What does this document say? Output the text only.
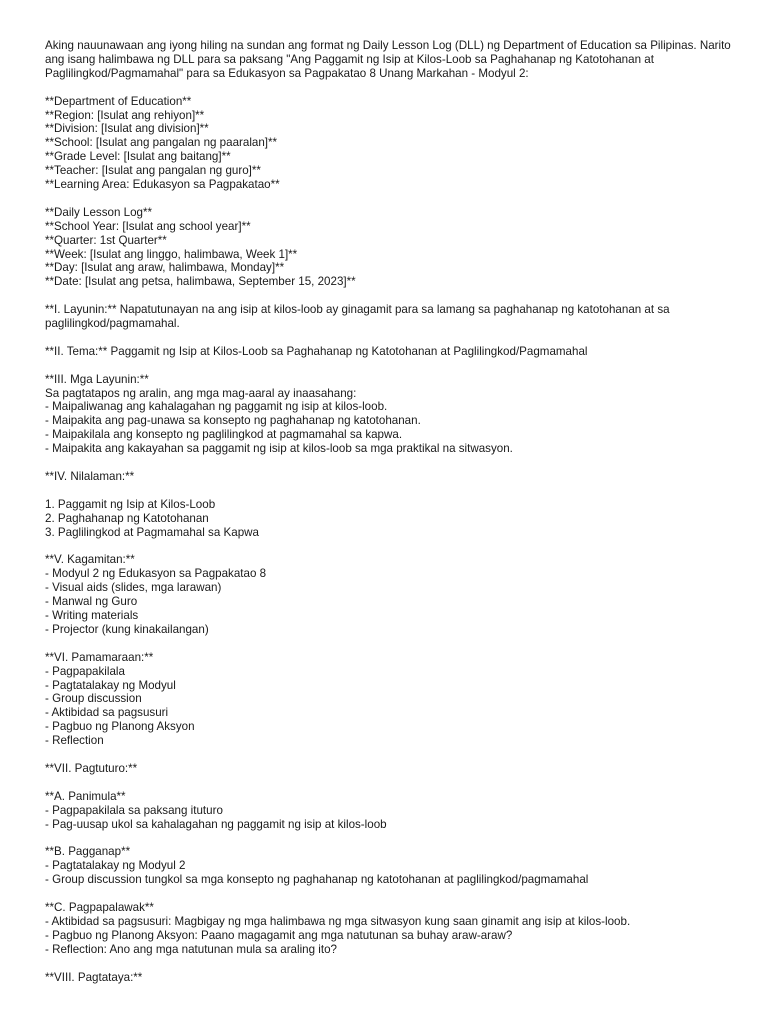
Aking nauunawaan ang iyong hiling na sundan ang format ng Daily Lesson Log (DLL) ng Department of Education sa Pilipinas. Narito
ang isang halimbawa ng DLL para sa paksang "Ang Paggamit ng Isip at Kilos-Loob sa Paghahanap ng Katotohanan at
Paglilingkod/Pagmamahal" para sa Edukasyon sa Pagpakatao 8 Unang Markahan - Modyul 2:
**Department of Education**
**Region: [Isulat ang rehiyon]**
**Division: [Isulat ang division]**
**School: [Isulat ang pangalan ng paaralan]**
**Grade Level: [Isulat ang baitang]**
**Teacher: [Isulat ang pangalan ng guro]**
**Learning Area: Edukasyon sa Pagpakatao**
**Daily Lesson Log**
**School Year: [Isulat ang school year]**
**Quarter: 1st Quarter**
**Week: [Isulat ang linggo, halimbawa, Week 1]**
**Day: [Isulat ang araw, halimbawa, Monday]**
**Date: [Isulat ang petsa, halimbawa, September 15, 2023]**
**I. Layunin:** Napatutunayan na ang isip at kilos-loob ay ginagamit para sa lamang sa paghahanap ng katotohanan at sa
paglilingkod/pagmamahal.
**II. Tema:** Paggamit ng Isip at Kilos-Loob sa Paghahanap ng Katotohanan at Paglilingkod/Pagmamahal
**III. Mga Layunin:**
Sa pagtatapos ng aralin, ang mga mag-aaral ay inaasahang:
- Maipaliwanag ang kahalagahan ng paggamit ng isip at kilos-loob.
- Maipakita ang pag-unawa sa konsepto ng paghahanap ng katotohanan.
- Maipakilala ang konsepto ng paglilingkod at pagmamahal sa kapwa.
- Maipakita ang kakayahan sa paggamit ng isip at kilos-loob sa mga praktikal na sitwasyon.
**IV. Nilalaman:**
1. Paggamit ng Isip at Kilos-Loob
2. Paghahanap ng Katotohanan
3. Paglilingkod at Pagmamahal sa Kapwa
**V. Kagamitan:**
- Modyul 2 ng Edukasyon sa Pagpakatao 8
- Visual aids (slides, mga larawan)
- Manwal ng Guro
- Writing materials
- Projector (kung kinakailangan)
**VI. Pamamaraan:**
- Pagpapakilala
- Pagtatalakay ng Modyul
- Group discussion
- Aktibidad sa pagsusuri
- Pagbuo ng Planong Aksyon
- Reflection
**VII. Pagtuturo:**
**A. Panimula**
- Pagpapakilala sa paksang ituturo
- Pag-uusap ukol sa kahalagahan ng paggamit ng isip at kilos-loob
**B. Pagganap**
- Pagtatalakay ng Modyul 2
- Group discussion tungkol sa mga konsepto ng paghahanap ng katotohanan at paglilingkod/pagmamahal
**C. Pagpapalawak**
- Aktibidad sa pagsusuri: Magbigay ng mga halimbawa ng mga sitwasyon kung saan ginamit ang isip at kilos-loob.
- Pagbuo ng Planong Aksyon: Paano magagamit ang mga natutunan sa buhay araw-araw?
- Reflection: Ano ang mga natutunan mula sa araling ito?
**VIII. Pagtataya:**
